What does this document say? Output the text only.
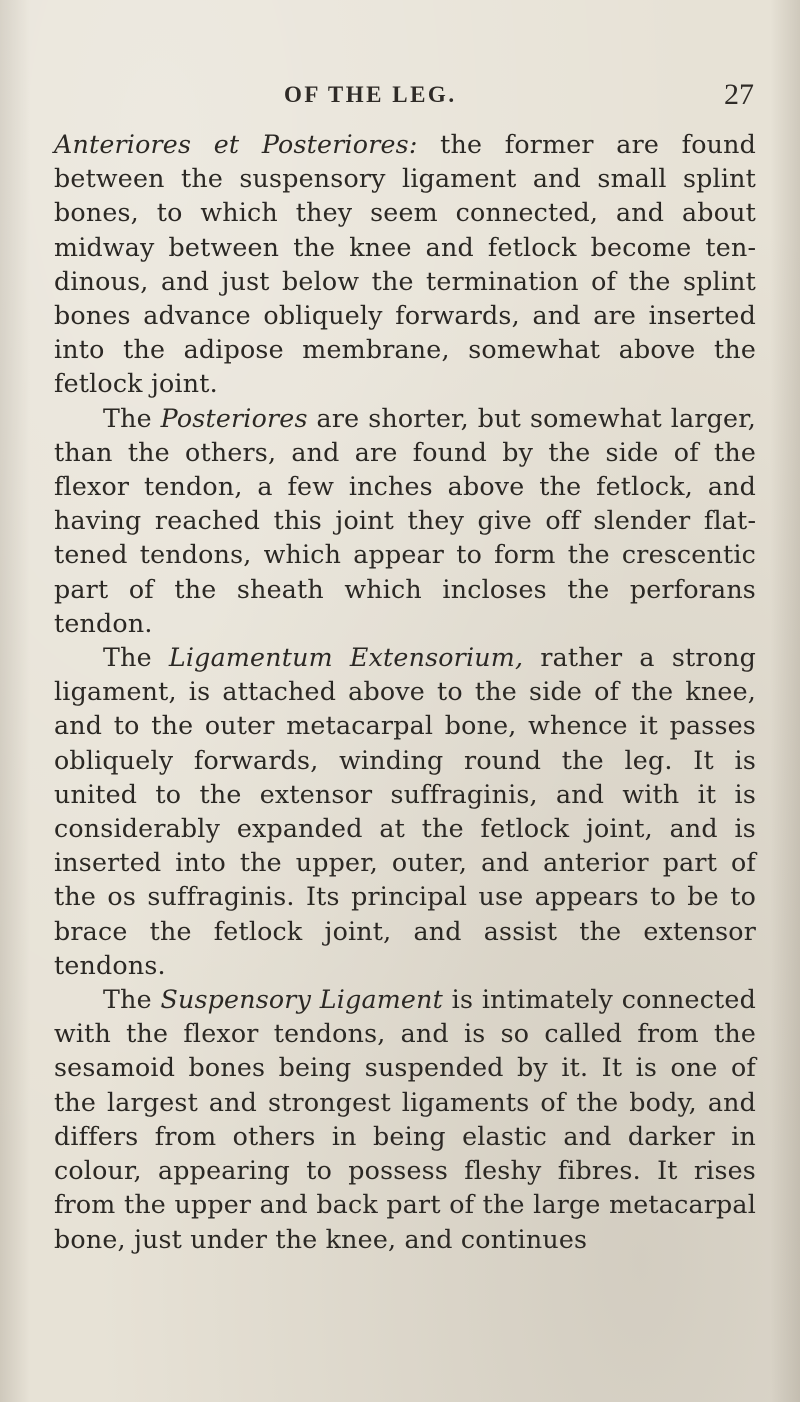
OF THE LEG.	27

Anteriores et Posteriores: the former are found between the suspensory ligament and small splint bones, to which they seem connected, and about midway between the knee and fetlock become tendinous, and just below the termination of the splint bones advance obliquely forwards, and are inserted into the adipose membrane, somewhat above the fetlock joint.

The Posteriores are shorter, but somewhat larger, than the others, and are found by the side of the flexor tendon, a few inches above the fetlock, and having reached this joint they give off slender flattened tendons, which appear to form the crescentic part of the sheath which incloses the perforans tendon.

The Ligamentum Extensorium, rather a strong ligament, is attached above to the side of the knee, and to the outer metacarpal bone, whence it passes obliquely forwards, winding round the leg. It is united to the extensor suffraginis, and with it is considerably expanded at the fetlock joint, and is inserted into the upper, outer, and anterior part of the os suffraginis. Its principal use appears to be to brace the fetlock joint, and assist the extensor tendons.

The Suspensory Ligament is intimately connected with the flexor tendons, and is so called from the sesamoid bones being suspended by it. It is one of the largest and strongest ligaments of the body, and differs from others in being elastic and darker in colour, appearing to possess fleshy fibres. It rises from the upper and back part of the large metacarpal bone, just under the knee, and continues
